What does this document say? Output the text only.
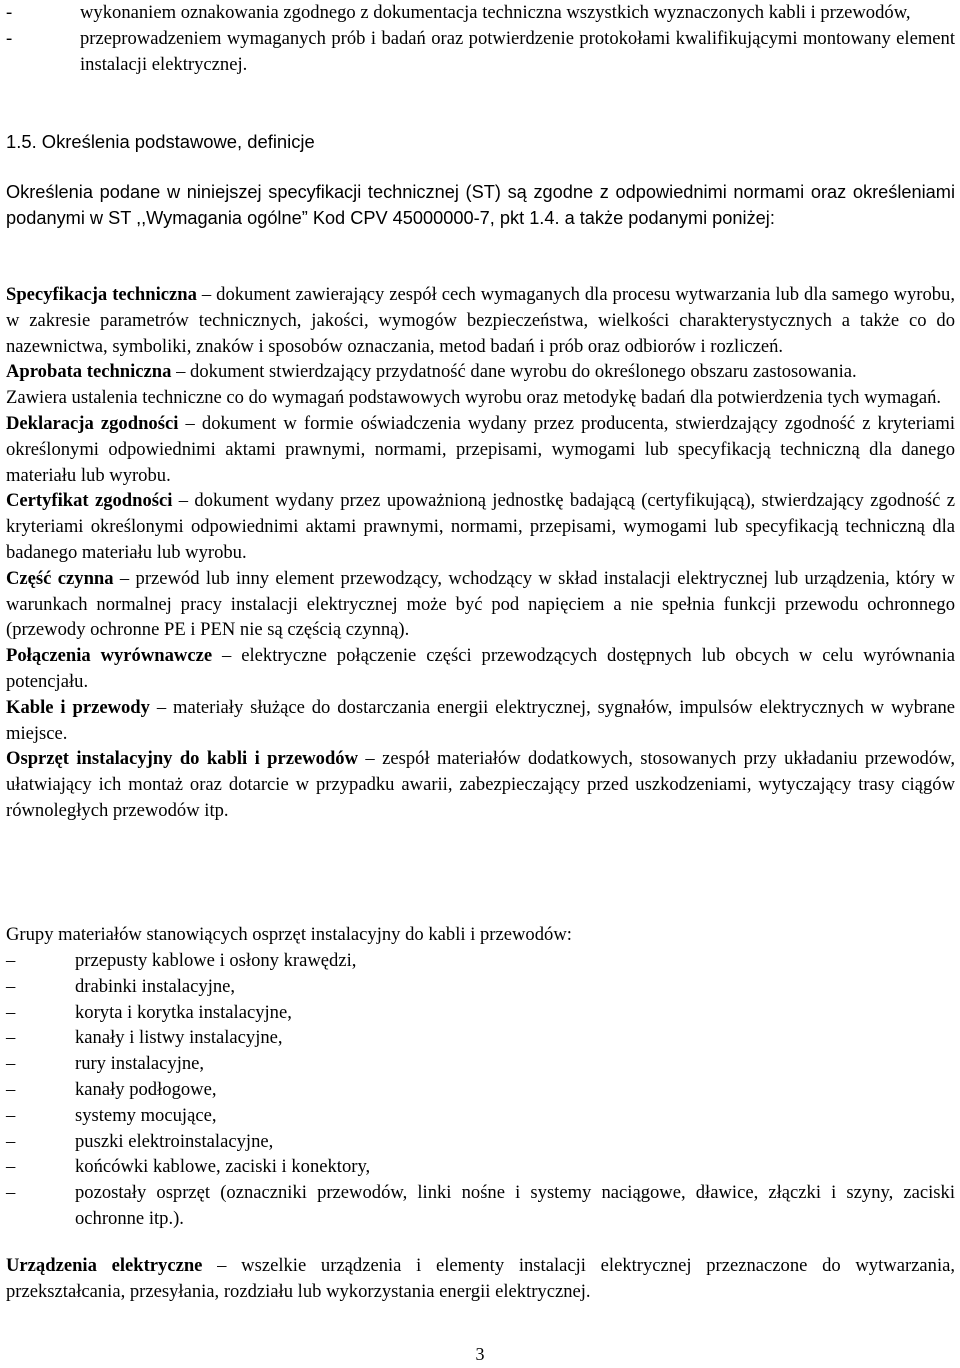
-	wykonaniem oznakowania zgodnego z dokumentacja techniczna wszystkich wyznaczonych kabli i przewodów,
-	przeprowadzeniem wymaganych prób i badań oraz potwierdzenie protokołami kwalifikującymi montowany element instalacji elektrycznej.
1.5. Określenia podstawowe, definicje

Określenia podane w niniejszej specyfikacji technicznej (ST) są zgodne z odpowiednimi normami oraz określeniami podanymi w ST ,,Wymagania ogólne” Kod CPV 45000000-7, pkt 1.4. a także podanymi poniżej:

Specyfikacja techniczna – dokument zawierający zespół cech wymaganych dla procesu wytwarzania lub dla samego wyrobu, w zakresie parametrów technicznych, jakości, wymogów bezpieczeństwa, wielkości charakterystycznych a także co do nazewnictwa, symboliki, znaków i sposobów oznaczania, metod badań i prób oraz odbiorów i rozliczeń.

Aprobata techniczna – dokument stwierdzający przydatność dane wyrobu do określonego obszaru zastosowania.

Zawiera ustalenia techniczne co do wymagań podstawowych wyrobu oraz metodykę badań dla potwierdzenia tych wymagań.

Deklaracja zgodności – dokument w formie oświadczenia wydany przez producenta, stwierdzający zgodność z kryteriami określonymi odpowiednimi aktami prawnymi, normami, przepisami, wymogami lub specyfikacją techniczną dla danego materiału lub wyrobu.

Certyfikat zgodności – dokument wydany przez upoważnioną jednostkę badającą (certyfikującą), stwierdzający zgodność z kryteriami określonymi odpowiednimi aktami prawnymi, normami, przepisami, wymogami lub specyfikacją techniczną dla badanego materiału lub wyrobu.

Część czynna – przewód lub inny element przewodzący, wchodzący w skład instalacji elektrycznej lub urządzenia, który w warunkach normalnej pracy instalacji elektrycznej może być pod napięciem a nie spełnia funkcji przewodu ochronnego (przewody ochronne PE i PEN nie są częścią czynną).

Połączenia wyrównawcze – elektryczne połączenie części przewodzących dostępnych lub obcych w celu wyrównania potencjału.

Kable i przewody – materiały służące do dostarczania energii elektrycznej, sygnałów, impulsów elektrycznych w wybrane miejsce.

Osprzęt instalacyjny do kabli i przewodów – zespół materiałów dodatkowych, stosowanych przy układaniu przewodów, ułatwiający ich montaż oraz dotarcie w przypadku awarii, zabezpieczający przed uszkodzeniami, wytyczający trasy ciągów równoległych przewodów itp.

Grupy materiałów stanowiących osprzęt instalacyjny do kabli i przewodów:
–	przepusty kablowe i osłony krawędzi,
–	drabinki instalacyjne,
–	koryta i korytka instalacyjne,
–	kanały i listwy instalacyjne,
–	rury instalacyjne,
–	kanały podłogowe,
–	systemy mocujące,
–	puszki elektroinstalacyjne,
–	końcówki kablowe, zaciski i konektory,
–	pozostały osprzęt (oznaczniki przewodów, linki nośne i systemy naciągowe, dławice, złączki i szyny, zaciski ochronne itp.).

Urządzenia elektryczne – wszelkie urządzenia i elementy instalacji elektrycznej przeznaczone do wytwarzania, przekształcania, przesyłania, rozdziału lub wykorzystania energii elektrycznej.

3
